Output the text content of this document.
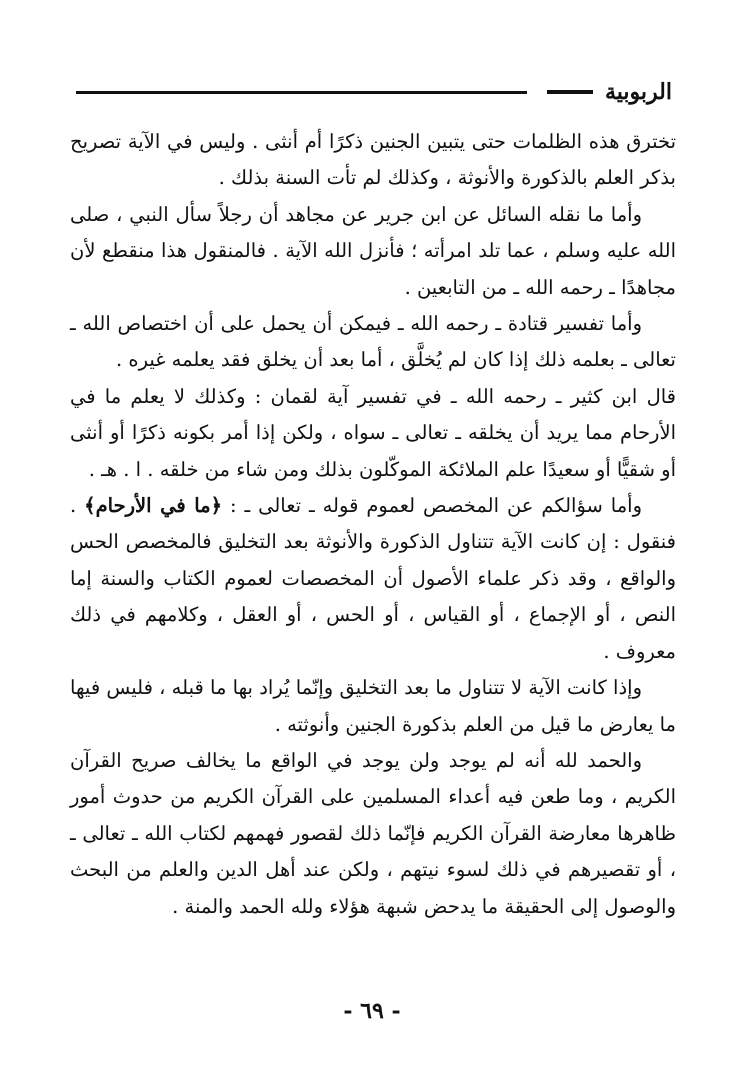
الربوبية

تخترق هذه الظلمات حتى يتبين الجنين ذكرًا أم أنثى . وليس في الآية تصريح بذكر العلم بالذكورة والأنوثة ، وكذلك لم تأت السنة بذلك .

وأما ما نقله السائل عن ابن جرير عن مجاهد أن رجلاً سأل النبي ، صلى الله عليه وسلم ، عما تلد امرأته ؛ فأنزل الله الآية . فالمنقول هذا منقطع لأن مجاهدًا ـ رحمه الله ـ من التابعين .

وأما تفسير قتادة ـ رحمه الله ـ فيمكن أن يحمل على أن اختصاص الله ـ تعالى ـ بعلمه ذلك إذا كان لم يُخلَّق ، أما بعد أن يخلق فقد يعلمه غيره .

قال ابن كثير ـ رحمه الله ـ في تفسير آية لقمان : وكذلك لا يعلم ما في الأرحام مما يريد أن يخلقه ـ تعالى ـ سواه ، ولكن إذا أمر بكونه ذكرًا أو أنثى أو شقيًّا أو سعيدًا علم الملائكة الموكّلون بذلك ومن شاء من خلقه . ا . هـ .

وأما سؤالكم عن المخصص لعموم قوله ـ تعالى ـ : ﴿ما في الأرحام﴾ . فنقول : إن كانت الآية تتناول الذكورة والأنوثة بعد التخليق فالمخصص الحس والواقع ، وقد ذكر علماء الأصول أن المخصصات لعموم الكتاب والسنة إما النص ، أو الإجماع ، أو القياس ، أو الحس ، أو العقل ، وكلامهم في ذلك معروف .

وإذا كانت الآية لا تتناول ما بعد التخليق وإنّما يُراد بها ما قبله ، فليس فيها ما يعارض ما قيل من العلم بذكورة الجنين وأنوثته .

والحمد لله أنه لم يوجد ولن يوجد في الواقع ما يخالف صريح القرآن الكريم ، وما طعن فيه أعداء المسلمين على القرآن الكريم من حدوث أمور ظاهرها معارضة القرآن الكريم فإنّما ذلك لقصور فهمهم لكتاب الله ـ تعالى ـ ، أو تقصيرهم في ذلك لسوء نيتهم ، ولكن عند أهل الدين والعلم من البحث والوصول إلى الحقيقة ما يدحض شبهة هؤلاء ولله الحمد والمنة .

- ٦٩ -
